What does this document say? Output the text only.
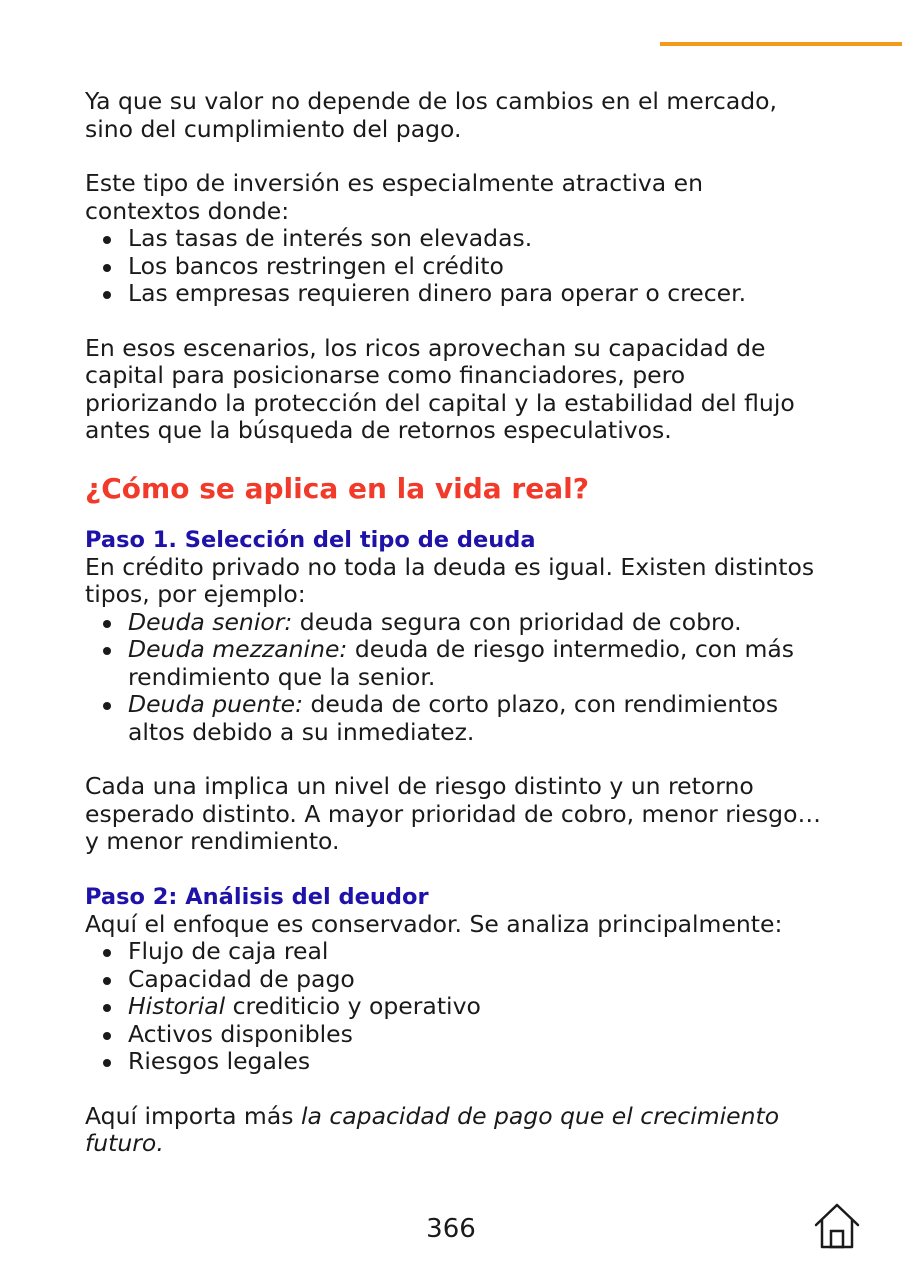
Ya que su valor no depende de los cambios en el mercado, sino del cumplimiento del pago.

Este tipo de inversión es especialmente atractiva en contextos donde:

Las tasas de interés son elevadas.
Los bancos restringen el crédito
Las empresas requieren dinero para operar o crecer.

En esos escenarios, los ricos aprovechan su capacidad de capital para posicionarse como financiadores, pero priorizando la protección del capital y la estabilidad del flujo antes que la búsqueda de retornos especulativos.

¿Cómo se aplica en la vida real?
Paso 1. Selección del tipo de deuda

En crédito privado no toda la deuda es igual. Existen distintos tipos, por ejemplo:

Deuda senior: deuda segura con prioridad de cobro.
Deuda mezzanine: deuda de riesgo intermedio, con más rendimiento que la senior.
Deuda puente: deuda de corto plazo, con rendimientos altos debido a su inmediatez.

Cada una implica un nivel de riesgo distinto y un retorno esperado distinto. A mayor prioridad de cobro, menor riesgo… y menor rendimiento.

Paso 2: Análisis del deudor

Aquí el enfoque es conservador. Se analiza principalmente:

Flujo de caja real
Capacidad de pago
Historial crediticio y operativo
Activos disponibles
Riesgos legales

Aquí importa más la capacidad de pago que el crecimiento futuro.

366
